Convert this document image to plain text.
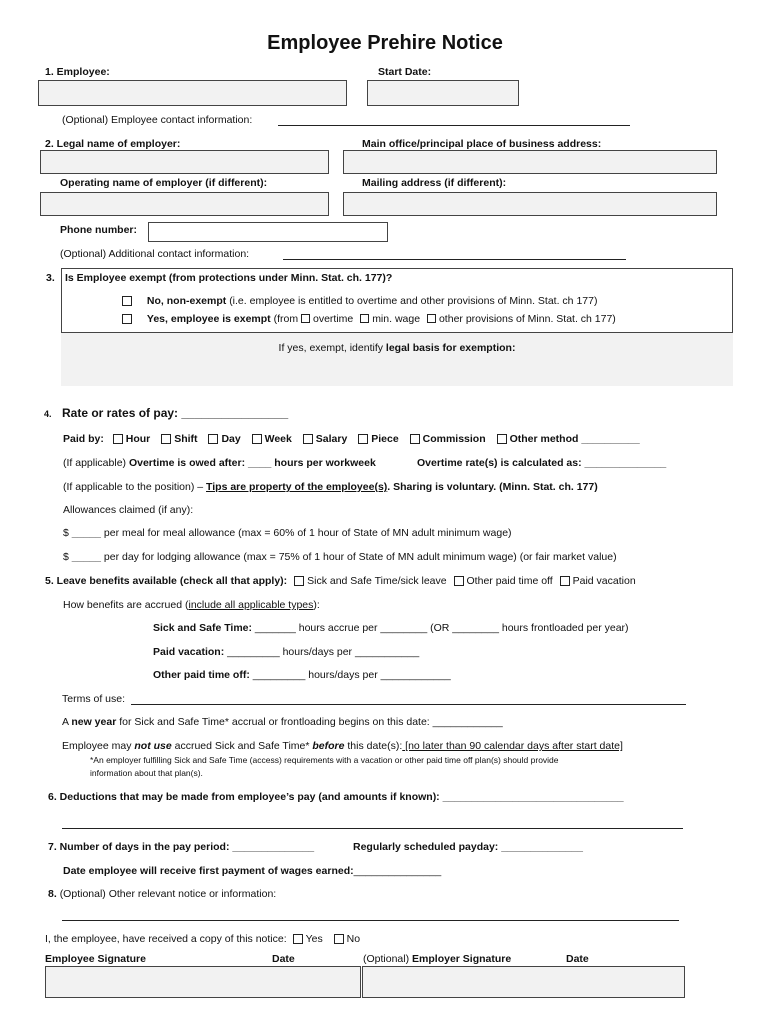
Employee Prehire Notice
1. Employee:	Start Date:
(Optional) Employee contact information:
2. Legal name of employer:	Main office/principal place of business address:
Operating name of employer (if different):	Mailing address (if different):
Phone number:
(Optional) Additional contact information:
3. Is Employee exempt (from protections under Minn. Stat. ch. 177)?
No, non-exempt (i.e. employee is entitled to overtime and other provisions of Minn. Stat. ch 177)
Yes, employee is exempt (from overtime min. wage other provisions of Minn. Stat. ch 177)
If yes, exempt, identify legal basis for exemption:
4. Rate or rates of pay: ________________
Paid by: Hour Shift Day Week Salary Piece Commission Other method __________
(If applicable) Overtime is owed after: ____ hours per workweek	Overtime rate(s) is calculated as: ______________
(If applicable to the position) – Tips are property of the employee(s). Sharing is voluntary. (Minn. Stat. ch. 177)
Allowances claimed (if any):
$ _____ per meal for meal allowance (max = 60% of 1 hour of State of MN adult minimum wage)
$ _____ per day for lodging allowance (max = 75% of 1 hour of State of MN adult minimum wage) (or fair market value)
5. Leave benefits available (check all that apply): Sick and Safe Time/sick leave Other paid time off Paid vacation
How benefits are accrued (include all applicable types):
Sick and Safe Time: _______ hours accrue per ________ (OR ________ hours frontloaded per year)
Paid vacation: _________ hours/days per ___________
Other paid time off: _________ hours/days per ____________
Terms of use:
A new year for Sick and Safe Time* accrual or frontloading begins on this date: ____________
Employee may not use accrued Sick and Safe Time* before this date(s): [no later than 90 calendar days after start date]
*An employer fulfilling Sick and Safe Time (access) requirements with a vacation or other paid time off plan(s) should provide
information about that plan(s).
6. Deductions that may be made from employee’s pay (and amounts if known): _______________________________
7. Number of days in the pay period: ______________	Regularly scheduled payday: ______________
Date employee will receive first payment of wages earned:_______________
8. (Optional) Other relevant notice or information:
I, the employee, have received a copy of this notice: Yes No
Employee Signature	Date	(Optional) Employer Signature	Date
